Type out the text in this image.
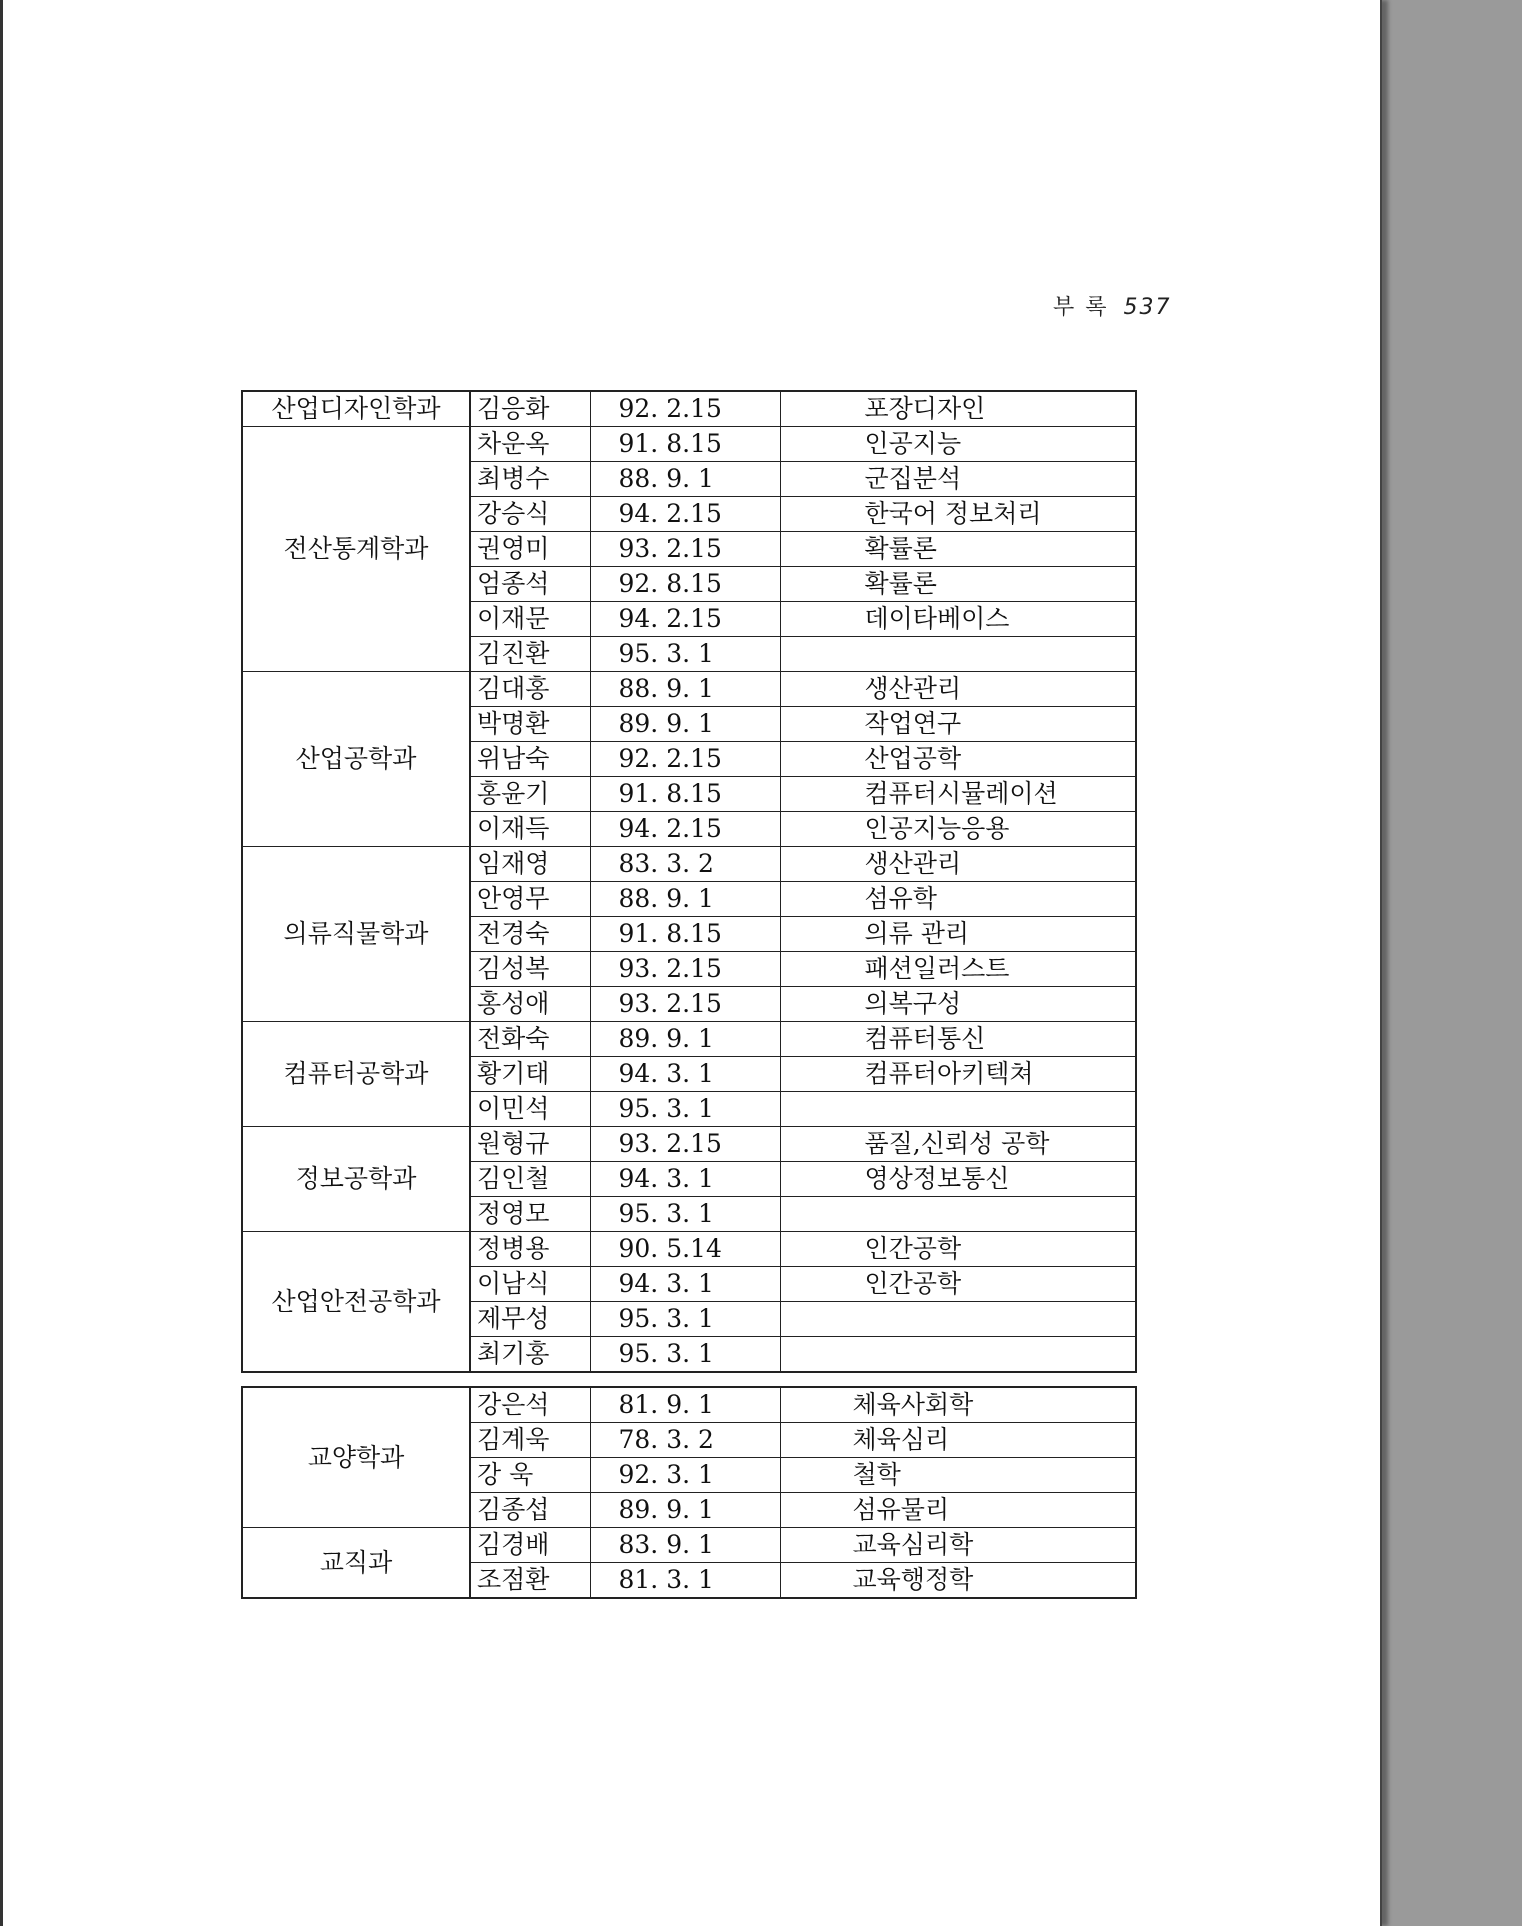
부 록 537
산업디자인학과	김응화	92. 2.15	포장디자인
전산통계학과	차운옥	91. 8.15	인공지능
	최병수	88. 9. 1	군집분석
	강승식	94. 2.15	한국어 정보처리
	권영미	93. 2.15	확률론
	엄종석	92. 8.15	확률론
	이재문	94. 2.15	데이타베이스
	김진환	95. 3. 1	
산업공학과	김대홍	88. 9. 1	생산관리
	박명환	89. 9. 1	작업연구
	위남숙	92. 2.15	산업공학
	홍윤기	91. 8.15	컴퓨터시뮬레이션
	이재득	94. 2.15	인공지능응용
의류직물학과	임재영	83. 3. 2	생산관리
	안영무	88. 9. 1	섬유학
	전경숙	91. 8.15	의류 관리
	김성복	93. 2.15	패션일러스트
	홍성애	93. 2.15	의복구성
컴퓨터공학과	전화숙	89. 9. 1	컴퓨터통신
	황기태	94. 3. 1	컴퓨터아키텍쳐
	이민석	95. 3. 1	
정보공학과	원형규	93. 2.15	품질,신뢰성 공학
	김인철	94. 3. 1	영상정보통신
	정영모	95. 3. 1	
산업안전공학과	정병용	90. 5.14	인간공학
	이남식	94. 3. 1	인간공학
	제무성	95. 3. 1	
	최기홍	95. 3. 1	
교양학과	강은석	81. 9. 1	체육사회학
	김계욱	78. 3. 2	체육심리
	강 욱	92. 3. 1	철학
	김종섭	89. 9. 1	섬유물리
교직과	김경배	83. 9. 1	교육심리학
	조점환	81. 3. 1	교육행정학
